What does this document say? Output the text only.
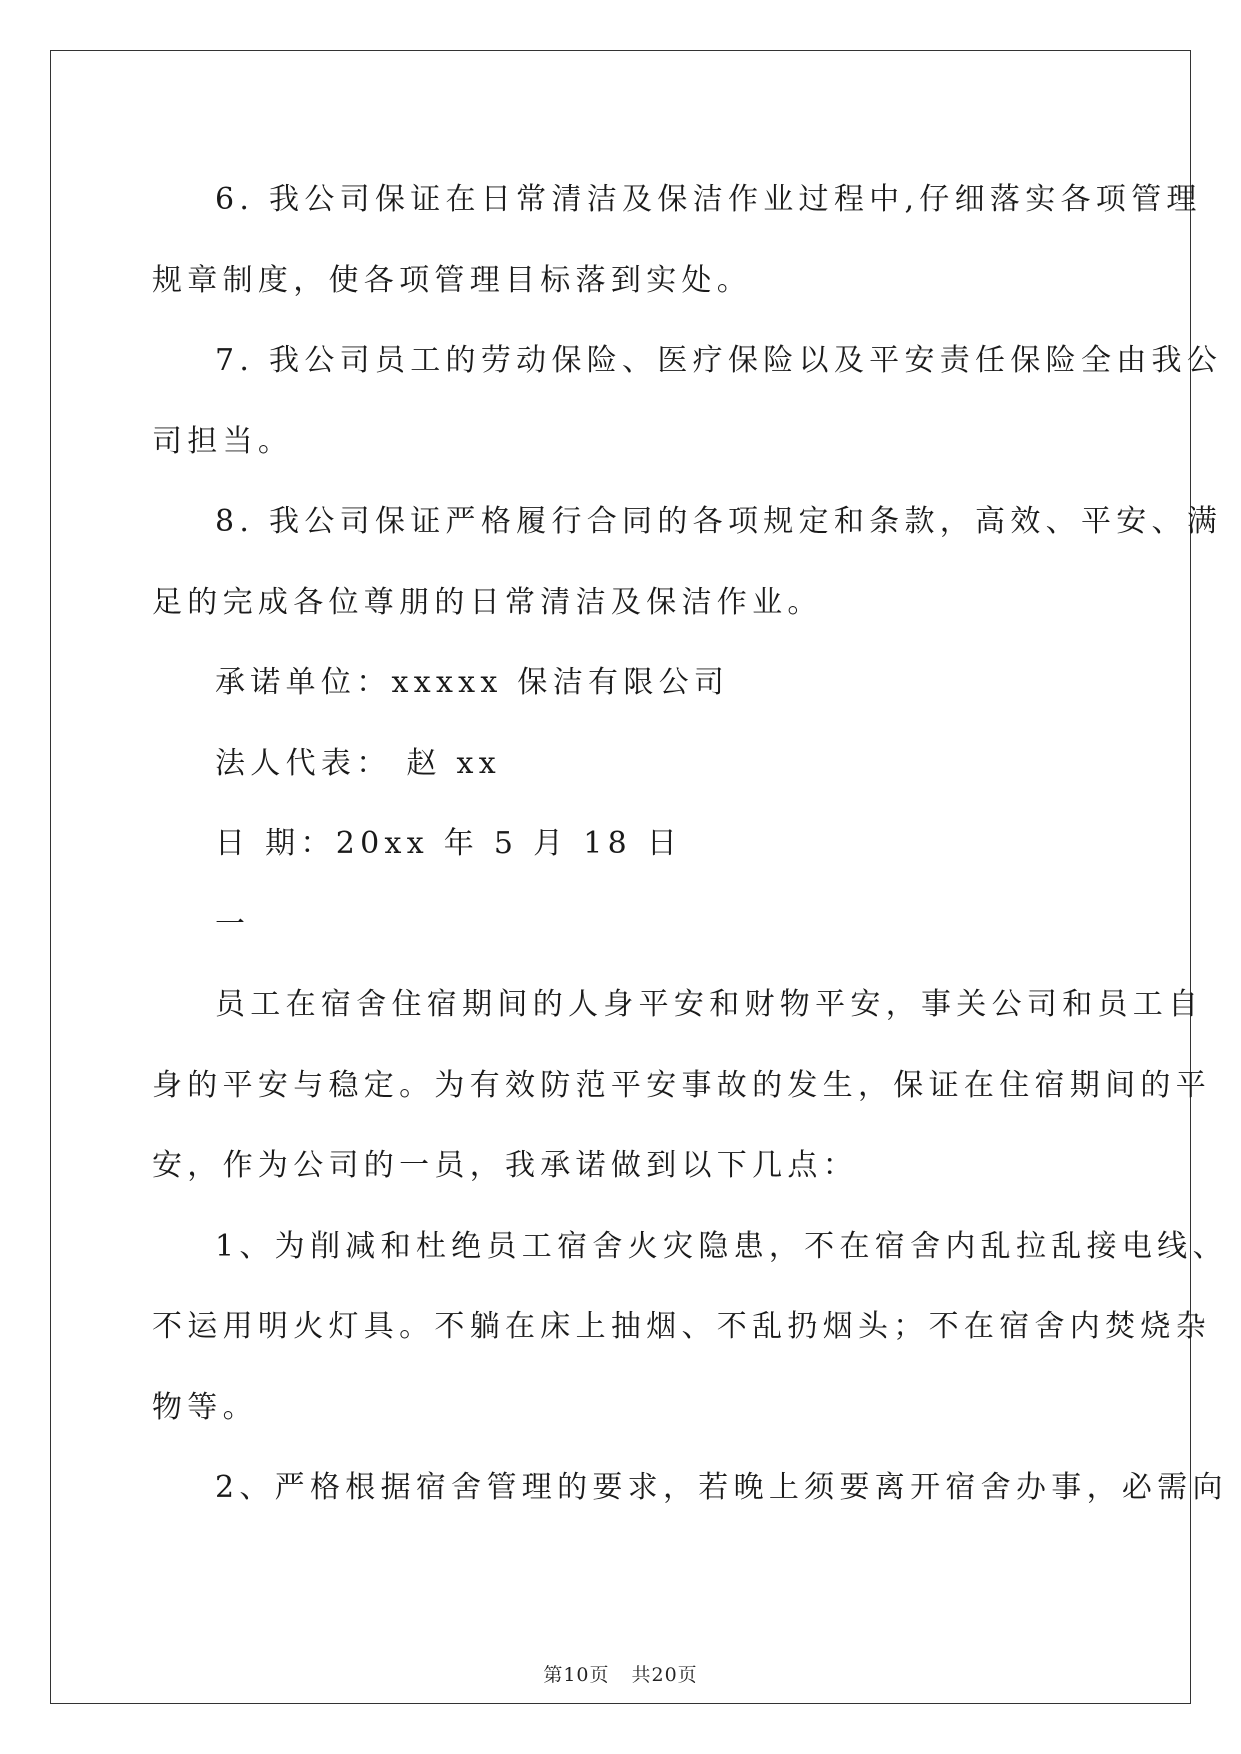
6. 我公司保证在日常清洁及保洁作业过程中,仔细落实各项管理

规章制度，使各项管理目标落到实处。

7. 我公司员工的劳动保险、医疗保险以及平安责任保险全由我公

司担当。

8. 我公司保证严格履行合同的各项规定和条款，高效、平安、满

足的完成各位尊朋的日常清洁及保洁作业。

承诺单位：xxxxx 保洁有限公司

法人代表： 赵 xx

日 期：20xx 年 5 月 18 日

一

员工在宿舍住宿期间的人身平安和财物平安，事关公司和员工自

身的平安与稳定。为有效防范平安事故的发生，保证在住宿期间的平

安，作为公司的一员，我承诺做到以下几点：

1、为削减和杜绝员工宿舍火灾隐患，不在宿舍内乱拉乱接电线、

不运用明火灯具。不躺在床上抽烟、不乱扔烟头；不在宿舍内焚烧杂

物等。

2、严格根据宿舍管理的要求，若晚上须要离开宿舍办事，必需向

第10页 共20页
